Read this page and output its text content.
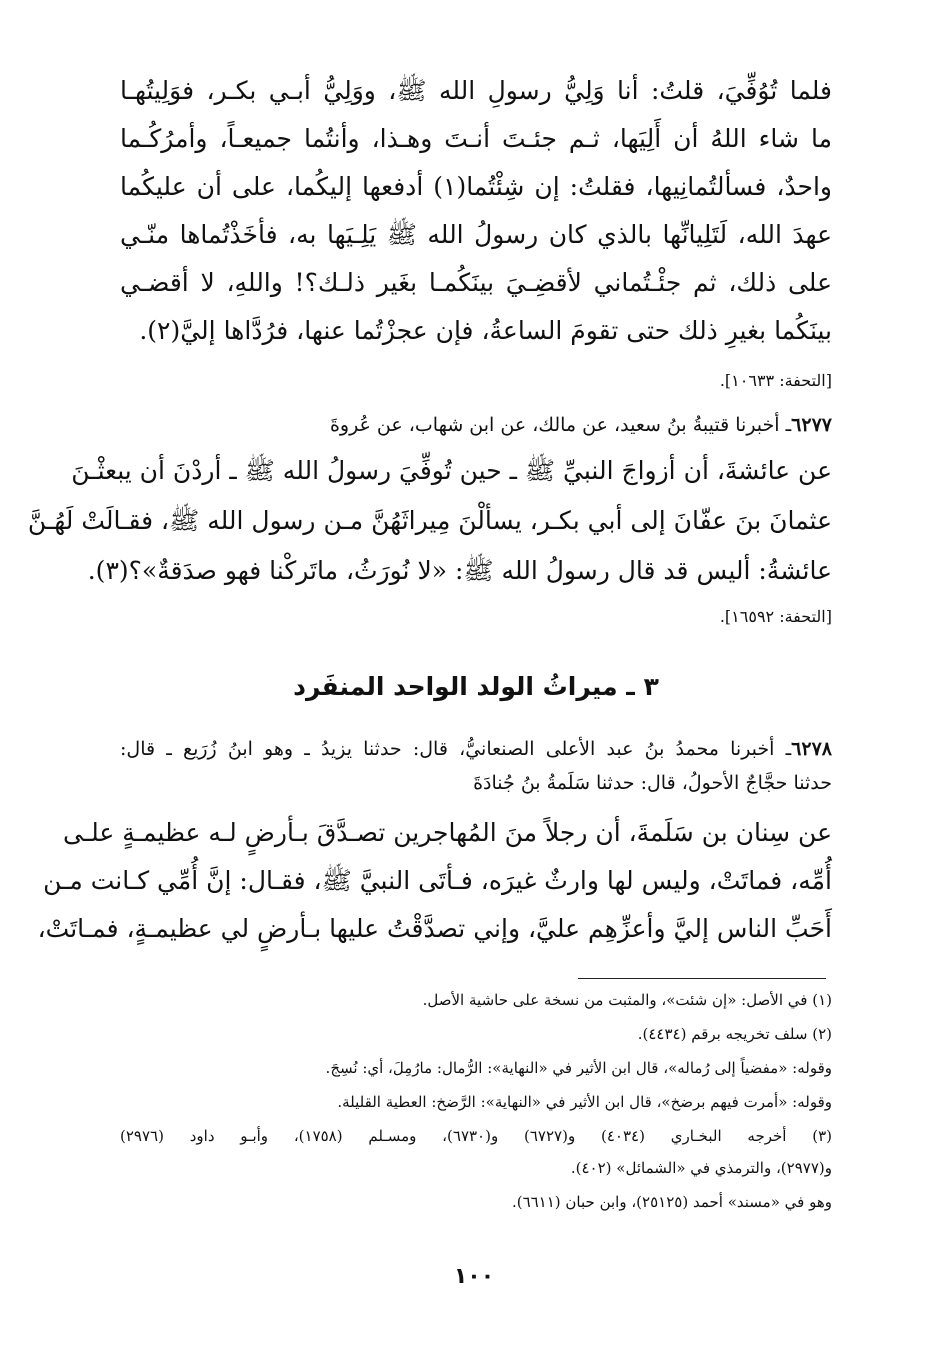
فلما تُوُفِّيَ، قلتُ: أنا وَلِيُّ رسولِ الله ﷺ، ووَلِيُّ أبـي بكـر، فوَلِيتُهـا
ما شاء اللهُ أن أَلِيَها، ثـم جئـتَ أنـتَ وهـذا، وأنتُما جميعـاً، وأمرُكُـما
واحدٌ، فسألتُمانِيها، فقلتُ: إن شِئْتُما(١) أدفعها إليكُما، على أن عليكُما
عهدَ الله، لَتَلِيانِّها بالذي كان رسولُ الله ﷺ يَلِـيَها به، فأخَذْتُماها منّـي
على ذلك، ثم جئْـتُماني لأقضِـيَ بينَكُمـا بغَير ذلـك؟! واللهِ، لا أقضـي
بينَكُما بغيرِ ذلك حتى تقومَ الساعةُ، فإن عجزْتُما عنها، فرُدَّاها إليَّ(٢).
[التحفة: ١٠٦٣٣].
٦٢٧٧ـ أخبرنا قتيبةُ بنُ سعيد، عن مالك، عن ابن شهاب، عن عُروةَ
عن عائشةَ، أن أزواجَ النبيِّ ﷺ ـ حين تُوفِّيَ رسولُ الله ﷺ ـ أردْنَ أن يبعثْـنَ
عثمانَ بنَ عفّانَ إلى أبي بكـر، يسألْنَ مِيراثَهُنَّ مـن رسول الله ﷺ، فقـالَتْ لَهُـنَّ
عائشةُ: أليس قد قال رسولُ الله ﷺ: «لا نُورَثُ، ماتَركْنا فهو صدَقةٌ»؟(٣).
[التحفة: ١٦٥٩٢].
٣ ـ ميراثُ الولد الواحد المنفَرد
٦٢٧٨ـ أخبرنا محمدُ بنُ عبد الأعلى الصنعانيُّ، قال: حدثنا يزيدُ ـ وهو ابنُ زُرَيع ـ قال:
حدثنا حجَّاجٌ الأحولُ، قال: حدثنا سَلَمةُ بنُ جُنادَةَ
عن سِنان بن سَلَمةَ، أن رجلاً منَ المُهاجرين تصـدَّقَ بـأرضٍ لـه عظيمـةٍ علـى
أُمِّه، فماتَتْ، وليس لها وارثٌ غيرَه، فـأتَى النبيَّ ﷺ، فقـال: إنَّ أُمِّي كـانت مـن
أَحَبِّ الناس إليَّ وأعزِّهِم عليَّ، وإني تصدَّقْتُ عليها بـأرضٍ لي عظيمـةٍ، فمـاتَتْ،
(١) في الأصل: «إن شئت»، والمثبت من نسخة على حاشية الأصل.
(٢) سلف تخريجه برقم (٤٤٣٤).
وقوله: «مفضياً إلى رُماله»، قال ابن الأثير في «النهاية»: الرُّمال: مارُمِلَ، أي: نُسِجَ.
وقوله: «أمرت فيهم برضخ»، قال ابن الأثير في «النهاية»: الرَّضخ: العطية القليلة.
(٣) أخرجه البخـاري (٤٠٣٤) و(٦٧٢٧) و(٦٧٣٠)، ومسـلم (١٧٥٨)، وأبـو داود (٢٩٧٦)
و(٢٩٧٧)، والترمذي في «الشمائل» (٤٠٢).
وهو في «مسند» أحمد (٢٥١٢٥)، وابن حبان (٦٦١١).
١٠٠
